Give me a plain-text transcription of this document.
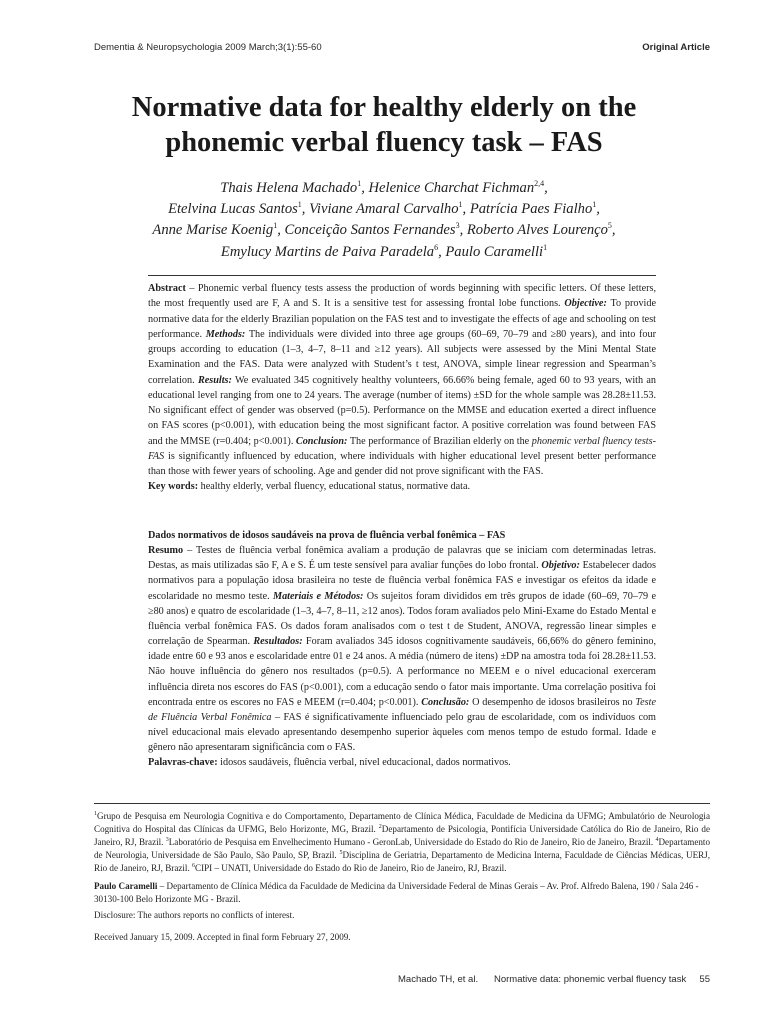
Dementia & Neuropsychologia 2009 March;3(1):55-60	Original Article
Normative data for healthy elderly on the
phonemic verbal fluency task – FAS
Thais Helena Machado$^1$, Helenice Charchat Fichman$^{2,4}$,
Etelvina Lucas Santos$^1$, Viviane Amaral Carvalho$^1$, Patrícia Paes Fialho$^1$,
Anne Marise Koenig$^1$, Conceição Santos Fernandes$^3$, Roberto Alves Lourenço$^5$,
Emylucy Martins de Paiva Paradela$^6$, Paulo Caramelli$^1$

Abstract – Phonemic verbal fluency tests assess the production of words beginning with specific letters. Of these letters, the most frequently used are F, A and S. It is a sensitive test for assessing frontal lobe functions. Objective: To provide normative data for the elderly Brazilian population on the FAS test and to investigate the effects of age and schooling on test performance. Methods: The individuals were divided into three age groups (60–69, 70–79 and ≥80 years), and into four groups according to education (1–3, 4–7, 8–11 and ≥12 years). All subjects were assessed by the Mini Mental State Examination and the FAS. Data were analyzed with Student’s t test, ANOVA, simple linear regression and Spearman’s correlation. Results: We evaluated 345 cognitively healthy volunteers, 66.66% being female, aged 60 to 93 years, with an educational level ranging from one to 24 years. The average (number of items) ±SD for the whole sample was 28.28±11.53. No significant effect of gender was observed (p=0.5). Performance on the MMSE and education exerted a direct influence on FAS scores (p<0.001), with education being the most significant factor. A positive correlation was found between FAS and the MMSE (r=0.404; p<0.001). Conclusion: The performance of Brazilian elderly on the phonemic verbal fluency tests-FAS is significantly influenced by education, where individuals with higher educational level present better performance than those with fewer years of schooling. Age and gender did not prove significant with the FAS.

Key words: healthy elderly, verbal fluency, educational status, normative data.

Dados normativos de idosos saudáveis na prova de fluência verbal fonêmica – FAS

Resumo – Testes de fluência verbal fonêmica avaliam a produção de palavras que se iniciam com determinadas letras. Destas, as mais utilizadas são F, A e S. É um teste sensível para avaliar funções do lobo frontal. Objetivo: Estabelecer dados normativos para a população idosa brasileira no teste de fluência verbal fonêmica FAS e investigar os efeitos da idade e escolaridade no mesmo teste. Materiais e Métodos: Os sujeitos foram divididos em três grupos de idade (60–69, 70–79 e ≥80 anos) e quatro de escolaridade (1–3, 4–7, 8–11, ≥12 anos). Todos foram avaliados pelo Mini-Exame do Estado Mental e fluência verbal fonêmica FAS. Os dados foram analisados com o test t de Student, ANOVA, regressão linear simples e correlação de Spearman. Resultados: Foram avaliados 345 idosos cognitivamente saudáveis, 66,66% do gênero feminino, idade entre 60 e 93 anos e escolaridade entre 01 e 24 anos. A média (número de itens) ±DP na amostra toda foi 28.28±11.53. Não houve influência do gênero nos resultados (p=0.5). A performance no MEEM e o nível educacional exerceram influência direta nos escores do FAS (p<0.001), com a educação sendo o fator mais importante. Uma correlação positiva foi encontrada entre os escores no FAS e MEEM (r=0.404; p<0.001). Conclusão: O desempenho de idosos brasileiros no Teste de Fluência Verbal Fonêmica – FAS é significativamente influenciado pelo grau de escolaridade, com os indivíduos com nível educacional mais elevado apresentando desempenho superior àqueles com menos tempo de estudo formal. Idade e gênero não apresentaram significância com o FAS.

Palavras-chave: idosos saudáveis, fluência verbal, nível educacional, dados normativos.

$^1$Grupo de Pesquisa em Neurologia Cognitiva e do Comportamento, Departamento de Clínica Médica, Faculdade de Medicina da UFMG; Ambulatório de Neurologia Cognitiva do Hospital das Clínicas da UFMG, Belo Horizonte, MG, Brazil. $^2$Departamento de Psicologia, Pontifícia Universidade Católica do Rio de Janeiro, Rio de Janeiro, RJ, Brazil. $^3$Laboratório de Pesquisa em Envelhecimento Humano - GeronLab, Universidade do Estado do Rio de Janeiro, Rio de Janeiro, Brazil. $^4$Departamento de Neurologia, Universidade de São Paulo, São Paulo, SP, Brazil. $^5$Disciplina de Geriatria, Departamento de Medicina Interna, Faculdade de Ciências Médicas, UERJ, Rio de Janeiro, RJ, Brazil. $^6$CIPI – UNATI, Universidade do Estado do Rio de Janeiro, Rio de Janeiro, RJ, Brazil.
Paulo Caramelli – Departamento de Clínica Médica da Faculdade de Medicina da Universidade Federal de Minas Gerais – Av. Prof. Alfredo Balena, 190 / Sala 246 - 30130-100 Belo Horizonte MG - Brazil.
Disclosure: The authors reports no conflicts of interest.
Received January 15, 2009. Accepted in final form February 27, 2009.
Machado TH, et al. Normative data: phonemic verbal fluency task 55
